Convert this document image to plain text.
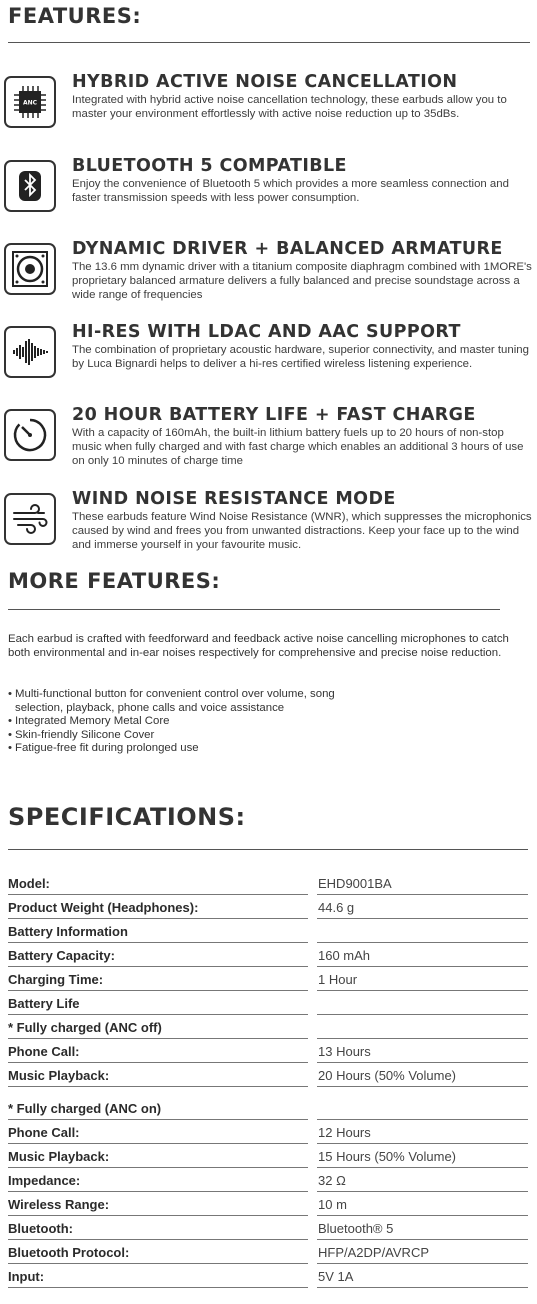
FEATURES:
ANC
HYBRID ACTIVE NOISE CANCELLATION
Integrated with hybrid active noise cancellation technology, these earbuds allow you to master your environment effortlessly with active noise reduction up to 35dBs.
BLUETOOTH 5 COMPATIBLE
Enjoy the convenience of Bluetooth 5 which provides a more seamless connection and faster transmission speeds with less power consumption.
DYNAMIC DRIVER + BALANCED ARMATURE
The 13.6 mm dynamic driver with a titanium composite diaphragm combined with 1MORE's proprietary balanced armature delivers a fully balanced and precise soundstage across a wide range of frequencies
HI-RES WITH LDAC AND AAC SUPPORT
The combination of proprietary acoustic hardware, superior connectivity, and master tuning by Luca Bignardi helps to deliver a hi-res certified wireless listening experience.
20 HOUR BATTERY LIFE + FAST CHARGE
With a capacity of 160mAh, the built-in lithium battery fuels up to 20 hours of non-stop music when fully charged and with fast charge which enables an additional 3 hours of use on only 10 minutes of charge time
WIND NOISE RESISTANCE MODE
These earbuds feature Wind Noise Resistance (WNR), which suppresses the microphonics caused by wind and frees you from unwanted distractions. Keep your face up to the wind and immerse yourself in your favourite music.
MORE FEATURES:

Each earbud is crafted with feedforward and feedback active noise cancelling microphones to catch both environmental and in-ear noises respectively for comprehensive and precise noise reduction.

• Multi-functional button for convenient control over volume, song selection, playback, phone calls and voice assistance
• Integrated Memory Metal Core
• Skin-friendly Silicone Cover
• Fatigue-free fit during prolonged use
SPECIFICATIONS:
Model:	EHD9001BA
Product Weight (Headphones):	44.6 g
Battery Information
Battery Capacity:	160 mAh
Charging Time:	1 Hour
Battery Life
* Fully charged (ANC off)
Phone Call:	13 Hours
Music Playback:	20 Hours (50% Volume)
* Fully charged (ANC on)
Phone Call:	12 Hours
Music Playback:	15 Hours (50% Volume)
Impedance:	32 Ω
Wireless Range:	10 m
Bluetooth:	Bluetooth® 5
Bluetooth Protocol:	HFP/A2DP/AVRCP
Input:	5V 1A
